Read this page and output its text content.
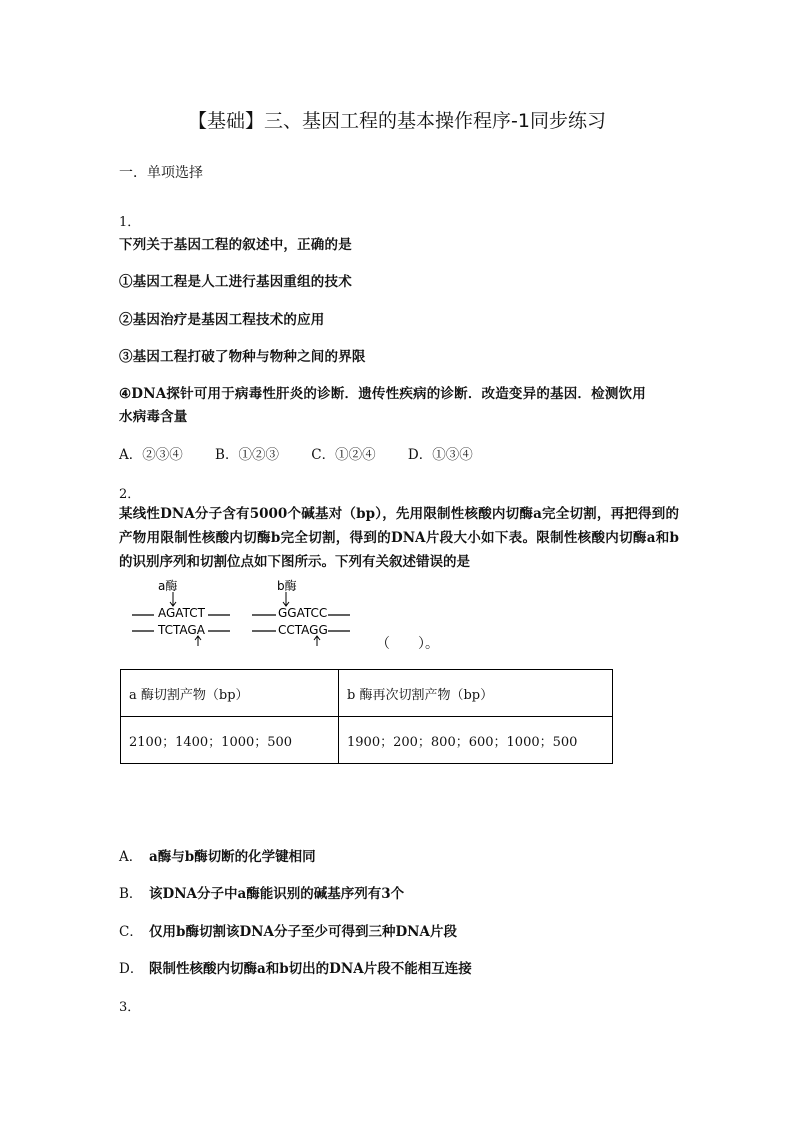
【基础】三、基因工程的基本操作程序-1同步练习
一．单项选择
1．
下列关于基因工程的叙述中，正确的是
①基因工程是人工进行基因重组的技术
②基因治疗是基因工程技术的应用
③基因工程打破了物种与物种之间的界限
④DNA探针可用于病毒性肝炎的诊断．遗传性疾病的诊断．改造变异的基因．检测饮用
水病毒含量
A．②③④ B．①②③ C．①②④ D．①③④
2．
某线性DNA分子含有5000个碱基对（bp），先用限制性核酸内切酶a完全切割，再把得到的产物用限制性核酸内切酶b完全切割，得到的DNA片段大小如下表。限制性核酸内切酶a和b的识别序列和切割位点如下图所示。下列有关叙述错误的是
a酶
AGATCT
TCTAGA
b酶
GGATCC
CCTAGG
（　　）。
a 酶切割产物（bp）	b 酶再次切割产物（bp）
2100；1400；1000；500	1900；200；800；600；1000；500
A． a酶与b酶切断的化学键相同
B． 该DNA分子中a酶能识别的碱基序列有3个
C． 仅用b酶切割该DNA分子至少可得到三种DNA片段
D． 限制性核酸内切酶a和b切出的DNA片段不能相互连接
3．
